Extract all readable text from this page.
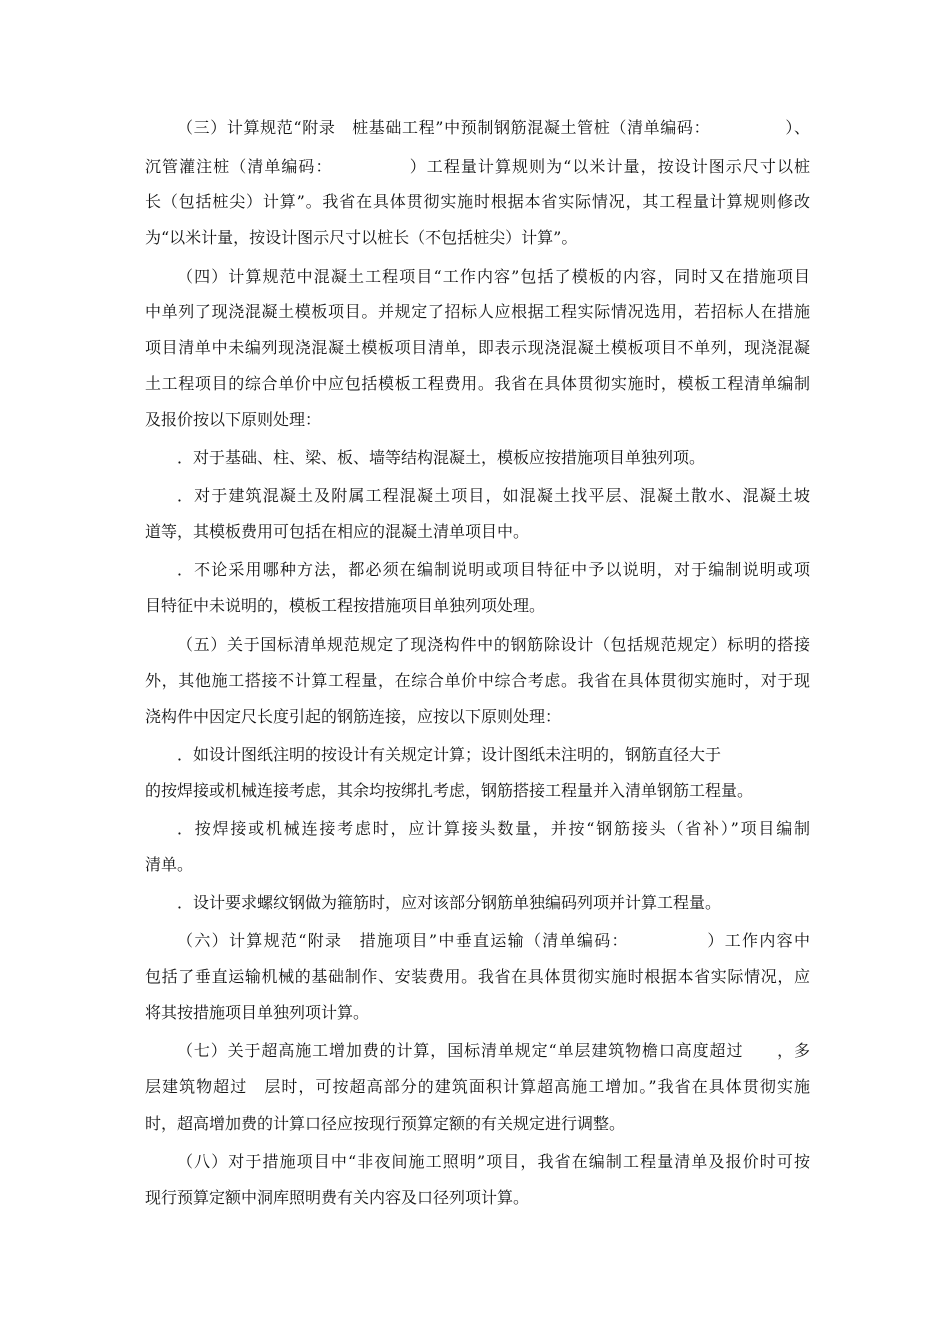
（三）计算规范“附录　桩基础工程”中预制钢筋混凝土管桩（清单编码：　　　　　）、
沉管灌注桩（清单编码：　　　　　）工程量计算规则为“以米计量，按设计图示尺寸以桩
长（包括桩尖）计算”。我省在具体贯彻实施时根据本省实际情况，其工程量计算规则修改
为“以米计量，按设计图示尺寸以桩长（不包括桩尖）计算”。
（四）计算规范中混凝土工程项目“工作内容”包括了模板的内容，同时又在措施项目
中单列了现浇混凝土模板项目。并规定了招标人应根据工程实际情况选用，若招标人在措施
项目清单中未编列现浇混凝土模板项目清单，即表示现浇混凝土模板项目不单列，现浇混凝
土工程项目的综合单价中应包括模板工程费用。我省在具体贯彻实施时，模板工程清单编制
及报价按以下原则处理：
．对于基础、柱、梁、板、墙等结构混凝土，模板应按措施项目单独列项。
．对于建筑混凝土及附属工程混凝土项目，如混凝土找平层、混凝土散水、混凝土坡
道等，其模板费用可包括在相应的混凝土清单项目中。
．不论采用哪种方法，都必须在编制说明或项目特征中予以说明，对于编制说明或项
目特征中未说明的，模板工程按措施项目单独列项处理。
（五）关于国标清单规范规定了现浇构件中的钢筋除设计（包括规范规定）标明的搭接
外，其他施工搭接不计算工程量，在综合单价中综合考虑。我省在具体贯彻实施时，对于现
浇构件中因定尺长度引起的钢筋连接，应按以下原则处理：
．如设计图纸注明的按设计有关规定计算；设计图纸未注明的，钢筋直径大于
的按焊接或机械连接考虑，其余均按绑扎考虑，钢筋搭接工程量并入清单钢筋工程量。
．按焊接或机械连接考虑时，应计算接头数量，并按“钢筋接头（省补）”项目编制
清单。
．设计要求螺纹钢做为箍筋时，应对该部分钢筋单独编码列项并计算工程量。
（六）计算规范“附录　措施项目”中垂直运输（清单编码：　　　　　）工作内容中
包括了垂直运输机械的基础制作、安装费用。我省在具体贯彻实施时根据本省实际情况，应
将其按措施项目单独列项计算。
（七）关于超高施工增加费的计算，国标清单规定“单层建筑物檐口高度超过　　，多
层建筑物超过　层时，可按超高部分的建筑面积计算超高施工增加。”我省在具体贯彻实施
时，超高增加费的计算口径应按现行预算定额的有关规定进行调整。
（八）对于措施项目中“非夜间施工照明”项目，我省在编制工程量清单及报价时可按
现行预算定额中洞库照明费有关内容及口径列项计算。
